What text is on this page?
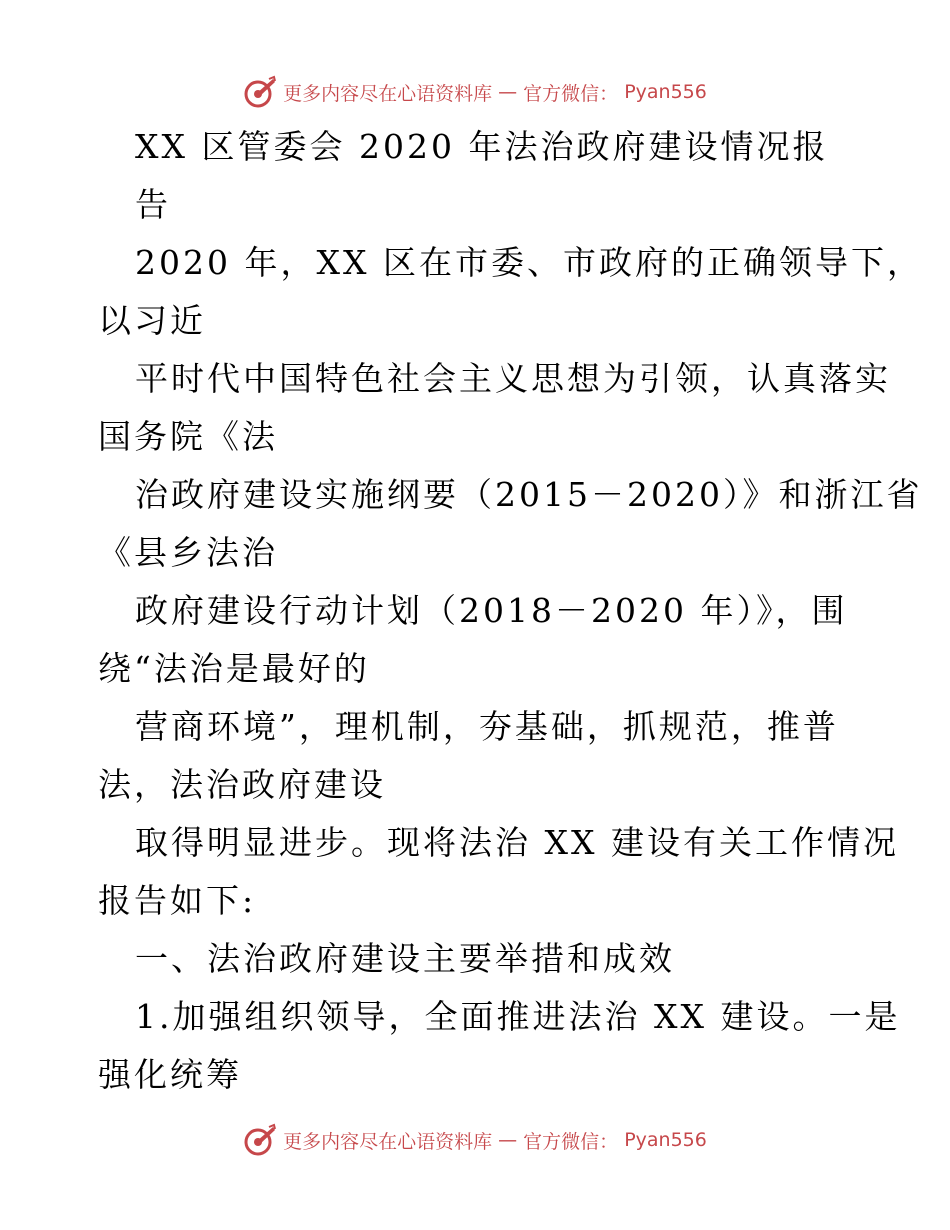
更多内容尽在心语资料库 — 官方微信： Pyan556
XX 区管委会 2020 年法治政府建设情况报
告
2020 年，XX 区在市委、市政府的正确领导下，
以习近
平时代中国特色社会主义思想为引领，认真落实
国务院《法
治政府建设实施纲要（2015－2020）》和浙江省
《县乡法治
政府建设行动计划（2018－2020 年）》，围
绕“法治是最好的
营商环境”，理机制，夯基础，抓规范，推普
法，法治政府建设
取得明显进步。现将法治 XX 建设有关工作情况
报告如下:
一、法治政府建设主要举措和成效
1.加强组织领导，全面推进法治 XX 建设。一是
强化统筹
更多内容尽在心语资料库 — 官方微信： Pyan556
